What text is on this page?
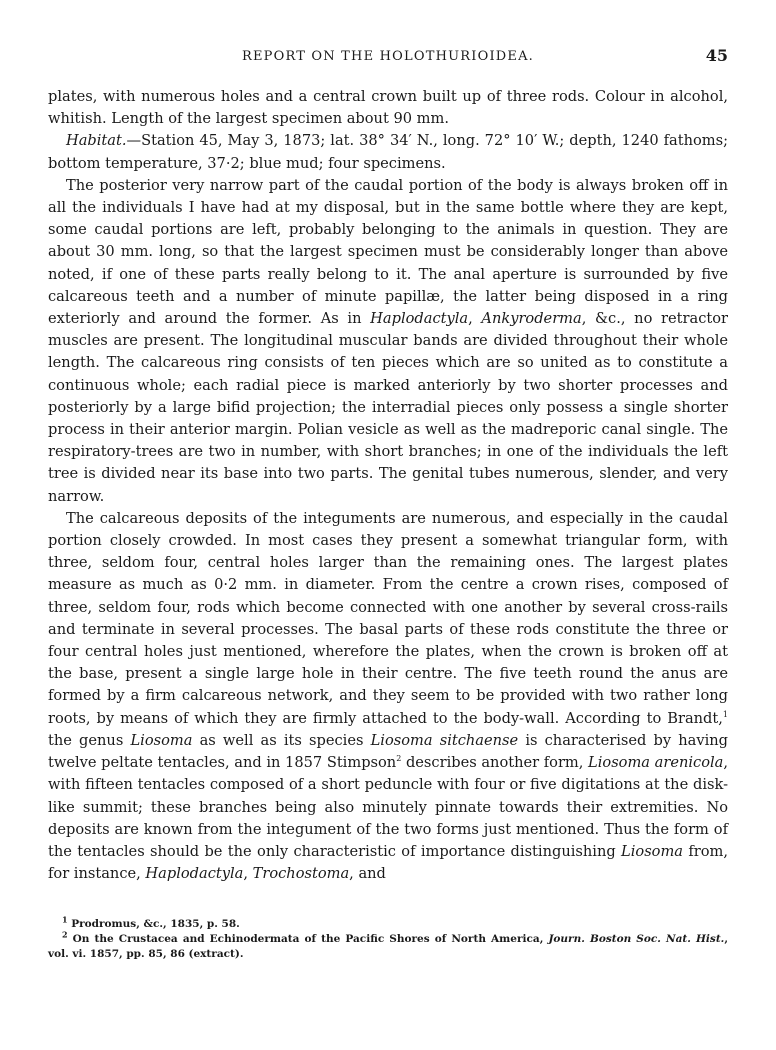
REPORT ON THE HOLOTHURIOIDEA.	45

plates, with numerous holes and a central crown built up of three rods. Colour in alcohol, whitish. Length of the largest specimen about 90 mm.

Habitat.—Station 45, May 3, 1873; lat. 38° 34′ N., long. 72° 10′ W.; depth, 1240 fathoms; bottom temperature, 37·2; blue mud; four specimens.

The posterior very narrow part of the caudal portion of the body is always broken off in all the individuals I have had at my disposal, but in the same bottle where they are kept, some caudal portions are left, probably belonging to the animals in question. They are about 30 mm. long, so that the largest specimen must be considerably longer than above noted, if one of these parts really belong to it. The anal aperture is surrounded by five calcareous teeth and a number of minute papillæ, the latter being disposed in a ring exteriorly and around the former. As in Haplodactyla, Ankyroderma, &c., no retractor muscles are present. The longitudinal muscular bands are divided throughout their whole length. The calcareous ring consists of ten pieces which are so united as to constitute a continuous whole; each radial piece is marked anteriorly by two shorter processes and posteriorly by a large bifid projection; the interradial pieces only possess a single shorter process in their anterior margin. Polian vesicle as well as the madreporic canal single. The respiratory-trees are two in number, with short branches; in one of the individuals the left tree is divided near its base into two parts. The genital tubes numerous, slender, and very narrow.

The calcareous deposits of the integuments are numerous, and especially in the caudal portion closely crowded. In most cases they present a somewhat triangular form, with three, seldom four, central holes larger than the remaining ones. The largest plates measure as much as 0·2 mm. in diameter. From the centre a crown rises, composed of three, seldom four, rods which become connected with one another by several cross-rails and terminate in several processes. The basal parts of these rods constitute the three or four central holes just mentioned, wherefore the plates, when the crown is broken off at the base, present a single large hole in their centre. The five teeth round the anus are formed by a firm calcareous network, and they seem to be provided with two rather long roots, by means of which they are firmly attached to the body-wall. According to Brandt,$^1$ the genus Liosoma as well as its species Liosoma sitchaense is characterised by having twelve peltate tentacles, and in 1857 Stimpson$^2$ describes another form, Liosoma arenicola, with fifteen tentacles composed of a short peduncle with four or five digitations at the disk-like summit; these branches being also minutely pinnate towards their extremities. No deposits are known from the integument of the two forms just mentioned. Thus the form of the tentacles should be the only characteristic of importance distinguishing Liosoma from, for instance, Haplodactyla, Trochostoma, and

$^1$ Prodromus, &c., 1835, p. 58.

$^2$ On the Crustacea and Echinodermata of the Pacific Shores of North America, Journ. Boston Soc. Nat. Hist., vol. vi. 1857, pp. 85, 86 (extract).
